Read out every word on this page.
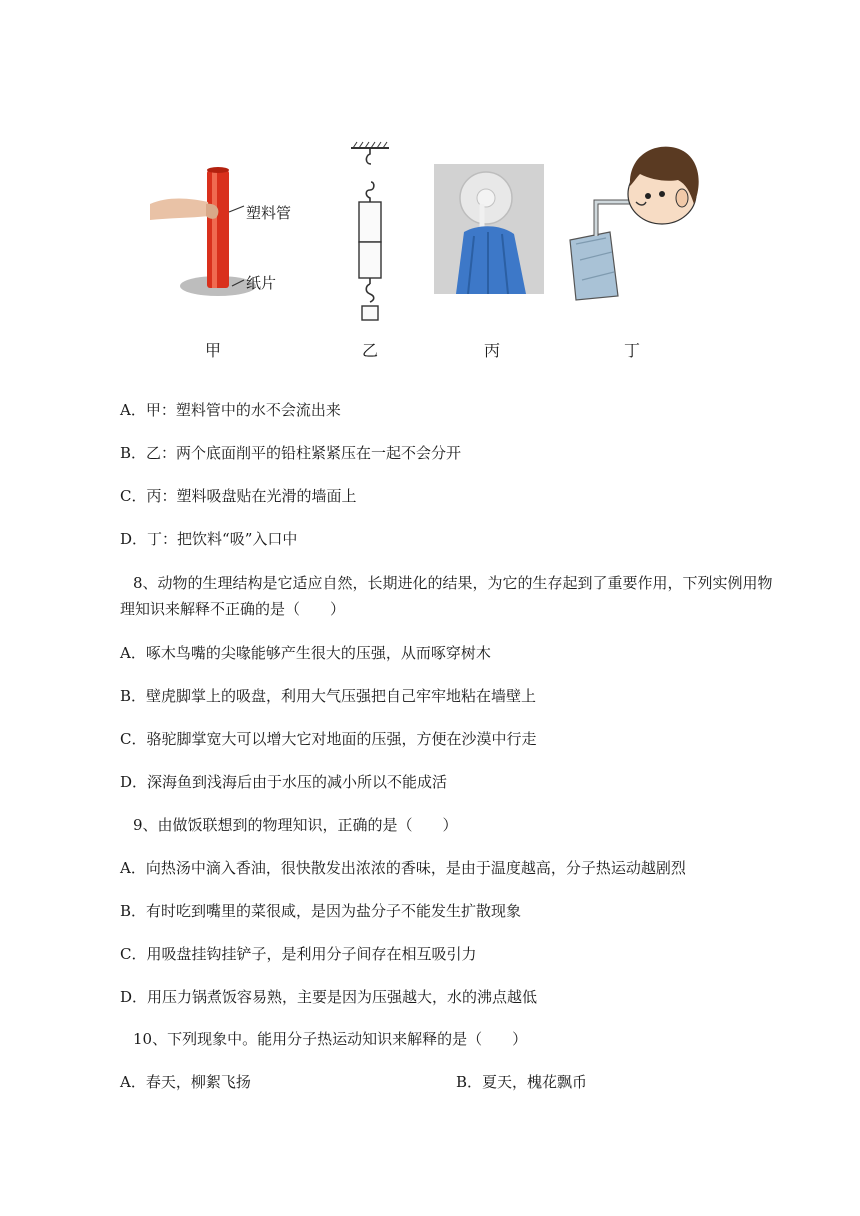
塑料管
纸片
甲	乙	丙	丁
A．甲：塑料管中的水不会流出来
B．乙：两个底面削平的铅柱紧紧压在一起不会分开
C．丙：塑料吸盘贴在光滑的墙面上
D．丁：把饮料“吸”入口中
8、动物的生理结构是它适应自然，长期进化的结果，为它的生存起到了重要作用，下列实例用物
理知识来解释不正确的是（　　）
A．啄木鸟嘴的尖喙能够产生很大的压强，从而啄穿树木
B．壁虎脚掌上的吸盘，利用大气压强把自己牢牢地粘在墙壁上
C．骆驼脚掌宽大可以增大它对地面的压强，方便在沙漠中行走
D．深海鱼到浅海后由于水压的减小所以不能成活
9、由做饭联想到的物理知识，正确的是（　　）
A．向热汤中滴入香油，很快散发出浓浓的香味，是由于温度越高，分子热运动越剧烈
B．有时吃到嘴里的菜很咸，是因为盐分子不能发生扩散现象
C．用吸盘挂钩挂铲子，是利用分子间存在相互吸引力
D．用压力锅煮饭容易熟，主要是因为压强越大，水的沸点越低
10、下列现象中。能用分子热运动知识来解释的是（　　）
A．春天，柳絮飞扬	B．夏天，槐花飘币
